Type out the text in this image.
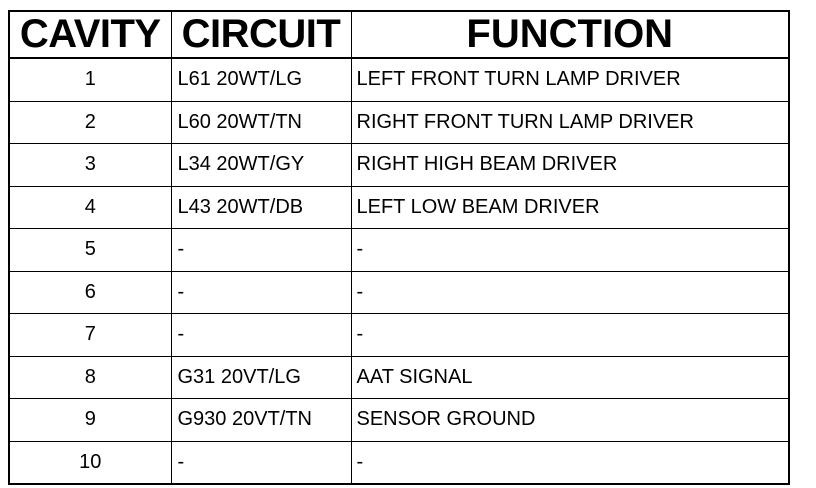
CAVITY	CIRCUIT	FUNCTION
1	L61 20WT/LG	LEFT FRONT TURN LAMP DRIVER
2	L60 20WT/TN	RIGHT FRONT TURN LAMP DRIVER
3	L34 20WT/GY	RIGHT HIGH BEAM DRIVER
4	L43 20WT/DB	LEFT LOW BEAM DRIVER
5	-	-
6	-	-
7	-	-
8	G31 20VT/LG	AAT SIGNAL
9	G930 20VT/TN	SENSOR GROUND
10	-	-
